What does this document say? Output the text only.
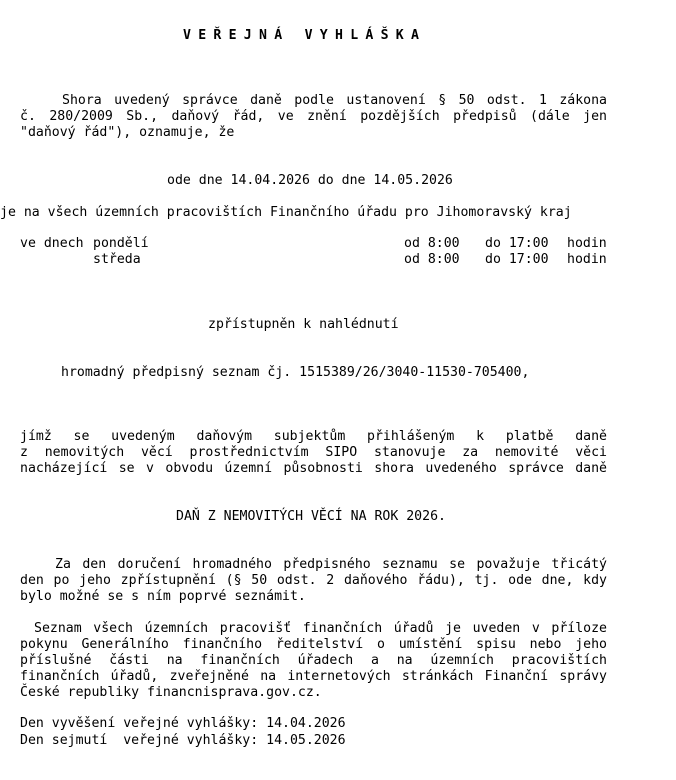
VEŘEJNÁ VYHLÁŠKA
Shora uvedený správce daně podle ustanovení § 50 odst. 1 zákona
č. 280/2009 Sb., daňový řád, ve znění pozdějších předpisů (dále jen
"daňový řád"), oznamuje, že
ode dne 14.04.2026 do dne 14.05.2026
je na všech územních pracovištích Finančního úřadu pro Jihomoravský kraj
ve dnech pondělí	od 8:00 do 17:00 hodin
středa	od 8:00 do 17:00 hodin
zpřístupněn k nahlédnutí
hromadný předpisný seznam čj. 1515389/26/3040-11530-705400,
jímž se uvedeným daňovým subjektům přihlášeným k platbě daně
z nemovitých věcí prostřednictvím SIPO stanovuje za nemovité věci
nacházející se v obvodu územní působnosti shora uvedeného správce daně
DAŇ Z NEMOVITÝCH VĚCÍ NA ROK 2026.
Za den doručení hromadného předpisného seznamu se považuje třicátý
den po jeho zpřístupnění (§ 50 odst. 2 daňového řádu), tj. ode dne, kdy
bylo možné se s ním poprvé seznámit.
Seznam všech územních pracovišť finančních úřadů je uveden v příloze
pokynu Generálního finančního ředitelství o umístění spisu nebo jeho
příslušné části na finančních úřadech a na územních pracovištích
finančních úřadů, zveřejněné na internetových stránkách Finanční správy
České republiky financnisprava.gov.cz.
Den vyvěšení veřejné vyhlášky: 14.04.2026
Den sejmutí  veřejné vyhlášky: 14.05.2026
